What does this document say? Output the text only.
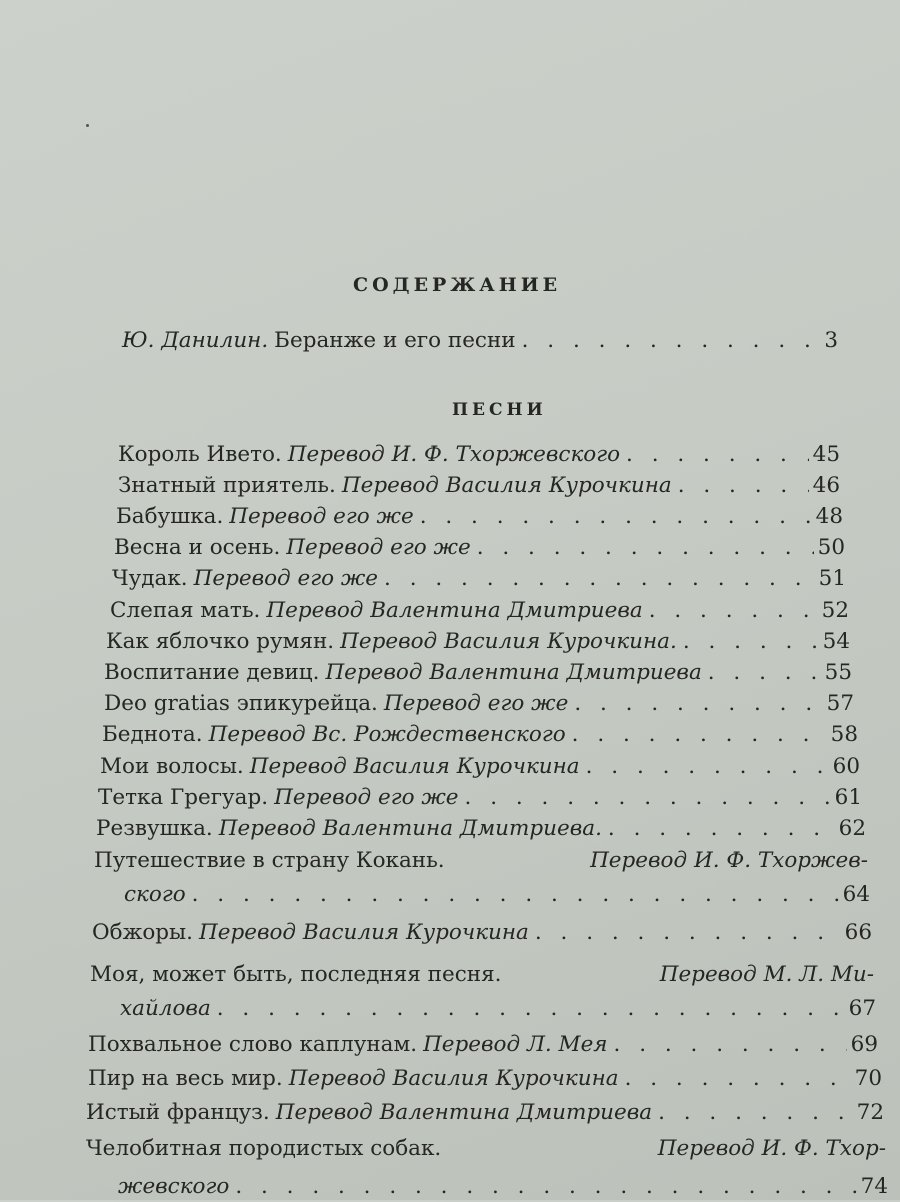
СОДЕРЖАНИЕ
Ю. Данилин. Беранже и его песни . . .	3
ПЕСНИ
Король Ивето. Перевод И. Ф. Тхоржевского . . .	45
Знатный приятель. Перевод Василия Курочкина . . .	46
Бабушка. Перевод его же . . .	48
Весна и осень. Перевод его же . . .	50
Чудак. Перевод его же . . .	51
Слепая мать. Перевод Валентина Дмитриева . . .	52
Как яблочко румян. Перевод Василия Курочкина. . . .	54
Воспитание девиц. Перевод Валентина Дмитриева . . .	55
Deo gratias эпикурейца. Перевод его же . . .	57
Беднота. Перевод Вс. Рождественского . . .	58
Мои волосы. Перевод Василия Курочкина . . .	60
Тетка Грегуар. Перевод его же . . .	61
Резвушка. Перевод Валентина Дмитриева. . . .	62
Путешествие в страну Кокань.	Перевод И. Ф. Тхоржев-
ского . . .	64
Обжоры. Перевод Василия Курочкина . . .	66
Моя, может быть, последняя песня.	Перевод М. Л. Ми-
хайлова . . .	67
Похвальное слово каплунам. Перевод Л. Мея . . .	69
Пир на весь мир. Перевод Василия Курочкина . . .	70
Истый француз. Перевод Валентина Дмитриева . . .	72
Челобитная породистых собак.	Перевод И. Ф. Тхор-
жевского . . .	74
